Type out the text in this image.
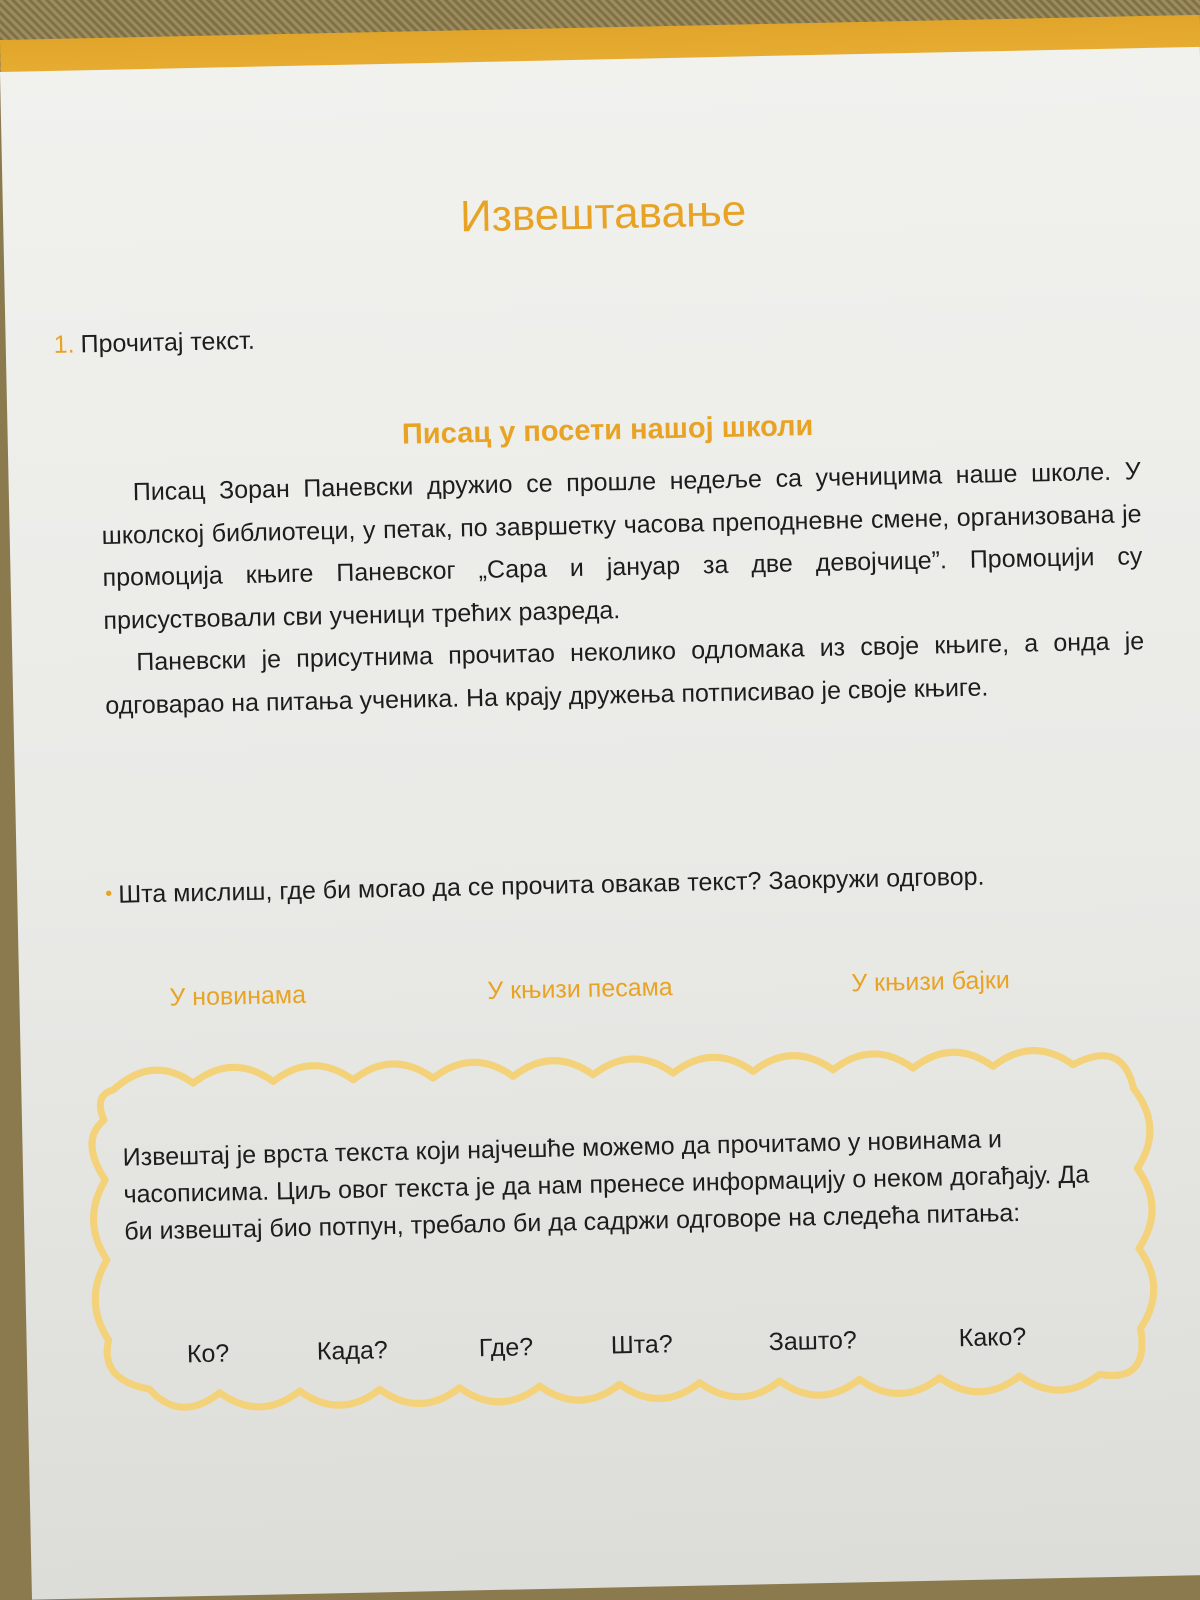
Извештавање
1. Прочитај текст.
Писац у посети нашој школи

Писац Зоран Паневски дружио се прошле недеље са ученицима наше школе. У школској библиотеци, у петак, по завршетку часова преподневне смене, организована је промоција књиге Паневског „Сара и јануар за две девојчице”. Промоцији су присуствовали сви ученици трећих разреда.

Паневски је присутнима прочитао неколико одломака из своје књиге, а онда је одговарао на питања ученика. На крају дружења потписивао је своје књиге.

• Шта мислиш, где би могао да се прочита овакав текст? Заокружи одговор.
У новинама	У књизи песама	У књизи бајки

Извештај је врста текста који најчешће можемо да прочитамо у новинама и часописима. Циљ овог текста је да нам пренесе информацију о неком догађају. Да би извештај био потпун, требало би да садржи одговоре на следећа питања:

Ко?	Када?	Где?	Шта?	Зашто?	Како?
